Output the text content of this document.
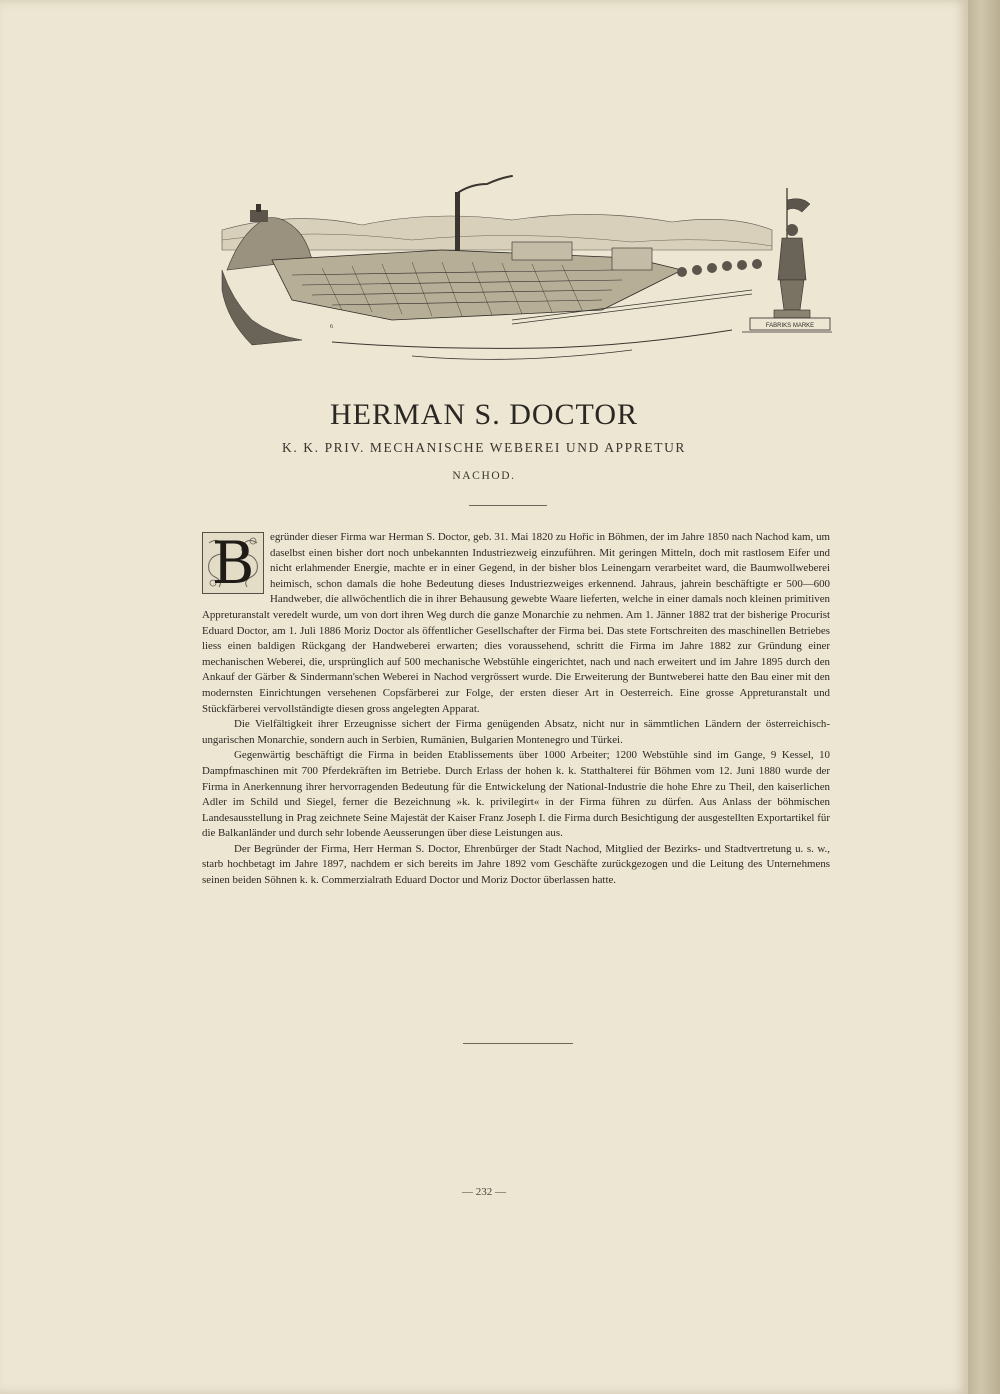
FABRIKS MARKE
6
HERMAN S. DOCTOR
K. K. PRIV. MECHANISCHE WEBEREI UND APPRETUR
NACHOD.

B	egründer dieser Firma war Herman S. Doctor, geb. 31. Mai 1820 zu Hořic in Böhmen, der im Jahre 1850 nach Nachod kam, um daselbst einen bisher dort noch unbekannten Industriezweig einzuführen. Mit geringen Mitteln, doch mit rastlosem Eifer und nicht erlahmender Energie, machte er in einer Gegend, in der bisher blos Leinengarn verarbeitet ward, die Baumwollweberei heimisch, schon damals die hohe Bedeutung dieses Industriezweiges erkennend. Jahraus, jahrein beschäftigte er 500—600 Handweber, die allwöchentlich die in ihrer Behausung gewebte Waare lieferten, welche in einer damals noch kleinen primitiven Appreturanstalt veredelt wurde, um von dort ihren Weg durch die ganze Monarchie zu nehmen. Am 1. Jänner 1882 trat der bisherige Procurist Eduard Doctor, am 1. Juli 1886 Moriz Doctor als öffentlicher Gesellschafter der Firma bei. Das stete Fortschreiten des maschinellen Betriebes liess einen baldigen Rückgang der Handweberei erwarten; dies voraussehend, schritt die Firma im Jahre 1882 zur Gründung einer mechanischen Weberei, die, ursprünglich auf 500 mechanische Webstühle eingerichtet, nach und nach erweitert und im Jahre 1895 durch den Ankauf der Gärber & Sindermann'schen Weberei in Nachod vergrössert wurde. Die Erweiterung der Buntweberei hatte den Bau einer mit den modernsten Einrichtungen versehenen Copsfärberei zur Folge, der ersten dieser Art in Oesterreich. Eine grosse Appreturanstalt und Stückfärberei vervollständigte diesen gross angelegten Apparat.

Die Vielfältigkeit ihrer Erzeugnisse sichert der Firma genügenden Absatz, nicht nur in sämmtlichen Ländern der österreichisch-ungarischen Monarchie, sondern auch in Serbien, Rumänien, Bulgarien Montenegro und Türkei.

Gegenwärtig beschäftigt die Firma in beiden Etablissements über 1000 Arbeiter; 1200 Webstühle sind im Gange, 9 Kessel, 10 Dampfmaschinen mit 700 Pferdekräften im Betriebe. Durch Erlass der hohen k. k. Statthalterei für Böhmen vom 12. Juni 1880 wurde der Firma in Anerkennung ihrer hervorragenden Bedeutung für die Entwickelung der National-Industrie die hohe Ehre zu Theil, den kaiserlichen Adler im Schild und Siegel, ferner die Bezeichnung »k. k. privilegirt« in der Firma führen zu dürfen. Aus Anlass der böhmischen Landesausstellung in Prag zeichnete Seine Majestät der Kaiser Franz Joseph I. die Firma durch Besichtigung der ausgestellten Exportartikel für die Balkanländer und durch sehr lobende Aeusserungen über diese Leistungen aus.

Der Begründer der Firma, Herr Herman S. Doctor, Ehrenbürger der Stadt Nachod, Mitglied der Bezirks- und Stadtvertretung u. s. w., starb hochbetagt im Jahre 1897, nachdem er sich bereits im Jahre 1892 vom Geschäfte zurückgezogen und die Leitung des Unternehmens seinen beiden Söhnen k. k. Commerzialrath Eduard Doctor und Moriz Doctor überlassen hatte.

— 232 —
